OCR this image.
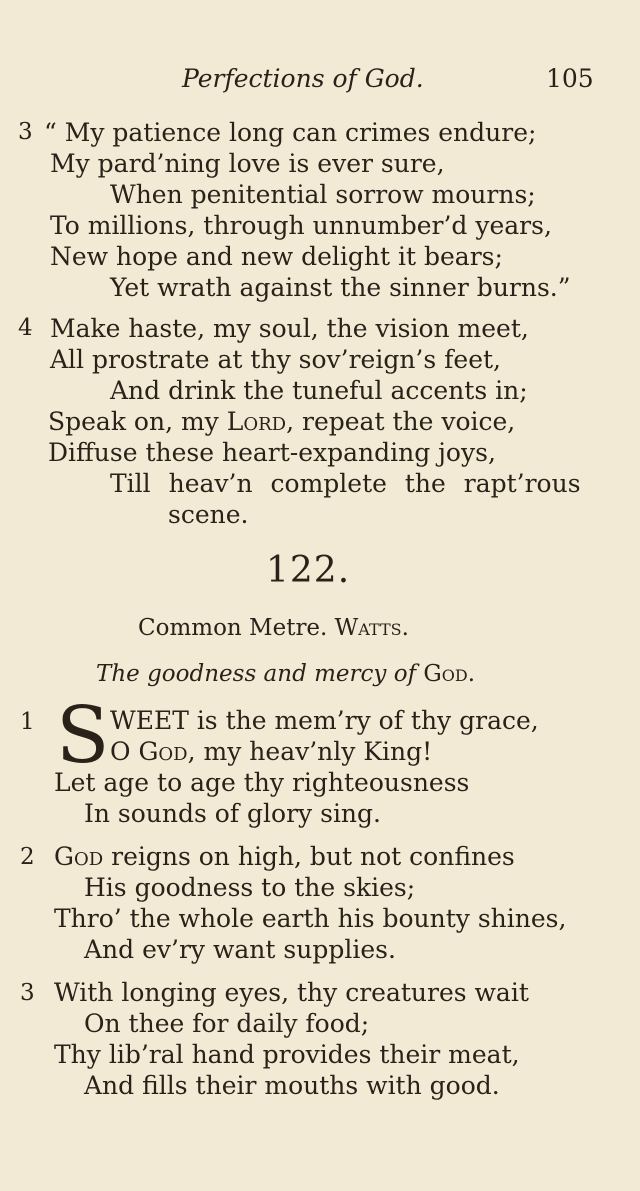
Perfections of God.	105
3 “ My patience long can crimes endure;
My pard’ning love is ever sure,
When penitential sorrow mourns;
To millions, through unnumber’d years,
New hope and new delight it bears;
Yet wrath against the sinner burns.”
4 Make haste, my soul, the vision meet,
All prostrate at thy sov’reign’s feet,
And drink the tuneful accents in;
Speak on, my Lord, repeat the voice,
Diffuse these heart-expanding joys,
Till heav’n complete the rapt’rous
scene.
122.
Common Metre. Watts.
The goodness and mercy of God.
1 S WEET is the mem’ry of thy grace,
O God, my heav’nly King!
Let age to age thy righteousness
In sounds of glory sing.
2 God reigns on high, but not confines
His goodness to the skies;
Thro’ the whole earth his bounty shines,
And ev’ry want supplies.
3 With longing eyes, thy creatures wait
On thee for daily food;
Thy lib’ral hand provides their meat,
And fills their mouths with good.
